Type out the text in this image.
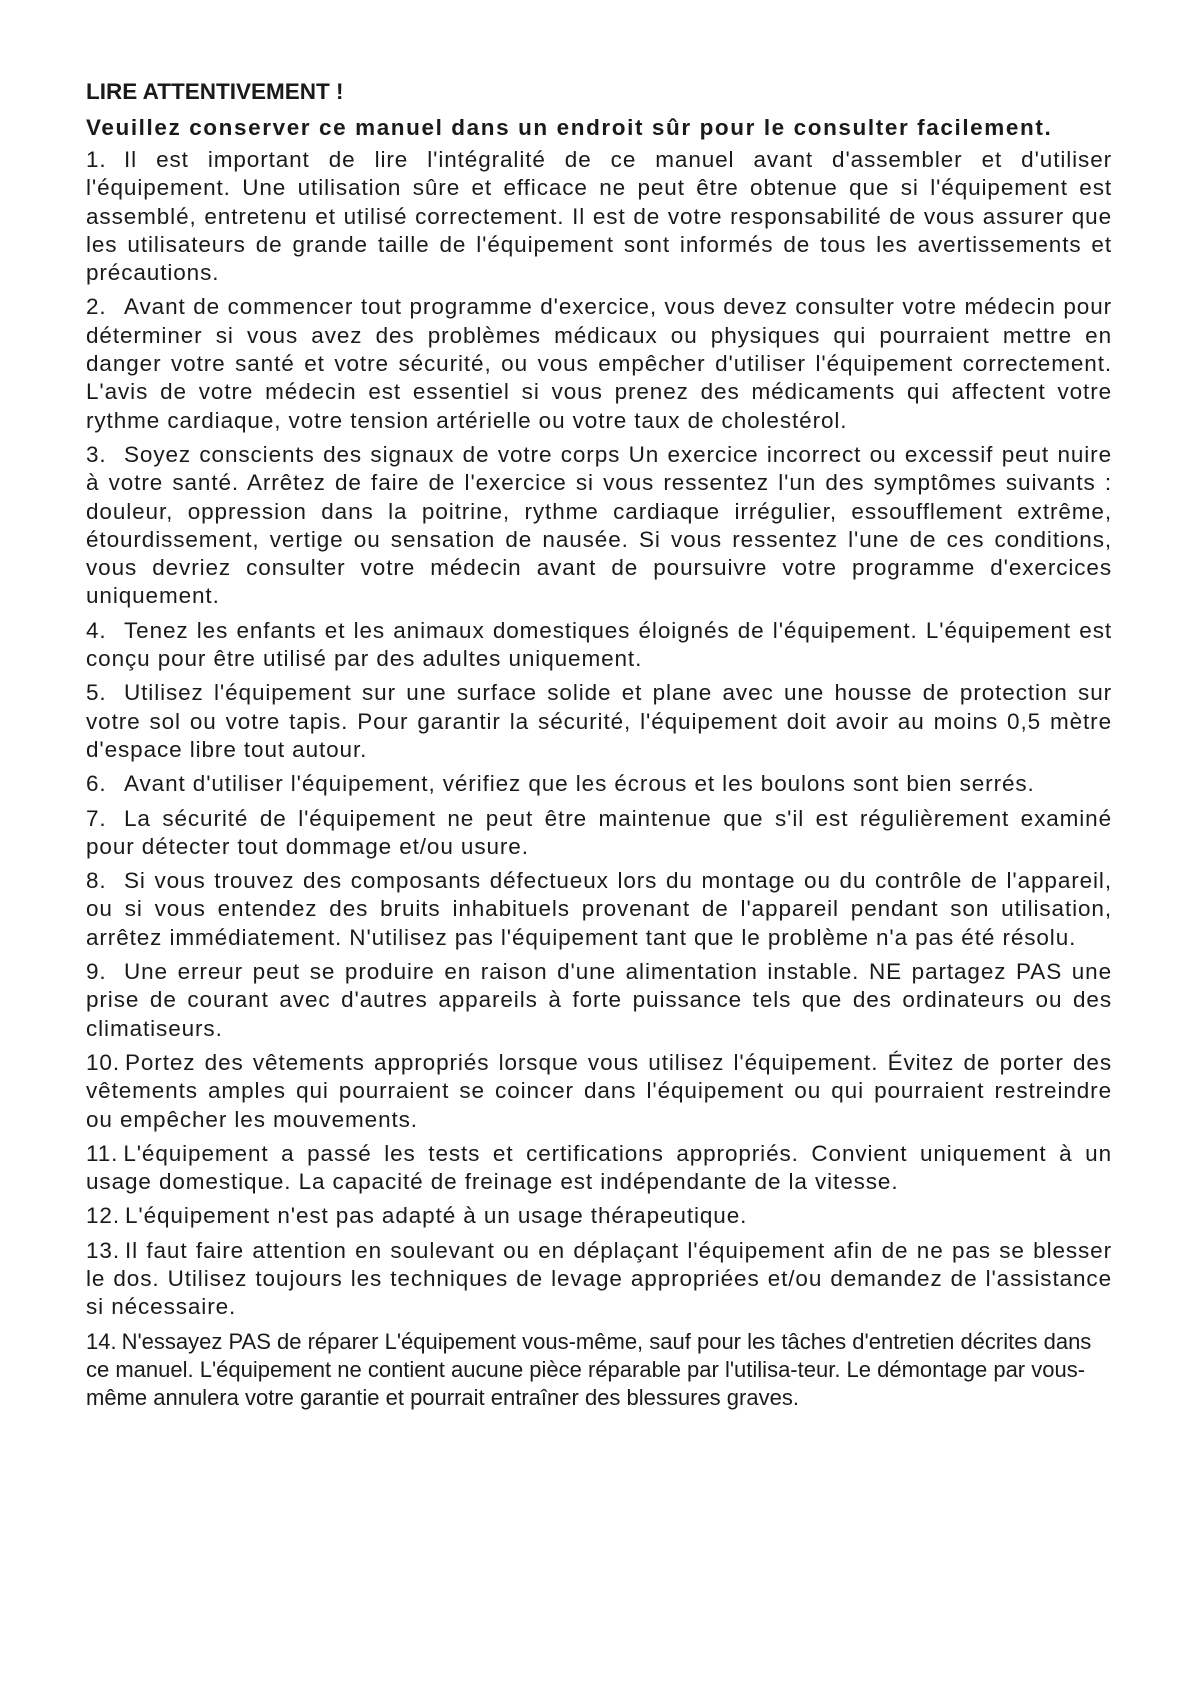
LIRE ATTENTIVEMENT !
Veuillez conserver ce manuel dans un endroit sûr pour le consulter facilement.

1. Il est important de lire l'intégralité de ce manuel avant d'assembler et d'utiliser l'équipement. Une utilisation sûre et efficace ne peut être obtenue que si l'équipement est assemblé, entretenu et utilisé correctement. Il est de votre responsabilité de vous assurer que les utilisateurs de grande taille de l'équipement sont informés de tous les avertissements et précautions.

2. Avant de commencer tout programme d'exercice, vous devez consulter votre médecin pour déterminer si vous avez des problèmes médicaux ou physiques qui pourraient mettre en danger votre santé et votre sécurité, ou vous empêcher d'utiliser l'équipement correctement. L'avis de votre médecin est essentiel si vous prenez des médicaments qui affectent votre rythme cardiaque, votre tension artérielle ou votre taux de cholestérol.

3. Soyez conscients des signaux de votre corps Un exercice incorrect ou excessif peut nuire à votre santé. Arrêtez de faire de l'exercice si vous ressentez l'un des symptômes suivants : douleur, oppression dans la poitrine, rythme cardiaque irrégulier, essoufflement extrême, étourdissement, vertige ou sensation de nausée. Si vous ressentez l'une de ces conditions, vous devriez consulter votre médecin avant de poursuivre votre programme d'exercices uniquement.

4. Tenez les enfants et les animaux domestiques éloignés de l'équipement. L'équipement est conçu pour être utilisé par des adultes uniquement.

5. Utilisez l'équipement sur une surface solide et plane avec une housse de protection sur votre sol ou votre tapis. Pour garantir la sécurité, l'équipement doit avoir au moins 0,5 mètre d'espace libre tout autour.

6. Avant d'utiliser l'équipement, vérifiez que les écrous et les boulons sont bien serrés.

7. La sécurité de l'équipement ne peut être maintenue que s'il est régulièrement examiné pour détecter tout dommage et/ou usure.

8. Si vous trouvez des composants défectueux lors du montage ou du contrôle de l'appareil, ou si vous entendez des bruits inhabituels provenant de l'appareil pendant son utilisation, arrêtez immédiatement. N'utilisez pas l'équipement tant que le problème n'a pas été résolu.

9. Une erreur peut se produire en raison d'une alimentation instable. NE partagez PAS une prise de courant avec d'autres appareils à forte puissance tels que des ordinateurs ou des climatiseurs.

10. Portez des vêtements appropriés lorsque vous utilisez l'équipement. Évitez de porter des vêtements amples qui pourraient se coincer dans l'équipement ou qui pourraient restreindre ou empêcher les mouvements.

11. L'équipement a passé les tests et certifications appropriés. Convient uniquement à un usage domestique. La capacité de freinage est indépendante de la vitesse.

12. L'équipement n'est pas adapté à un usage thérapeutique.

13. Il faut faire attention en soulevant ou en déplaçant l'équipement afin de ne pas se blesser le dos. Utilisez toujours les techniques de levage appropriées et/ou demandez de l'assistance si nécessaire.

14. N'essayez PAS de réparer L'équipement vous-même, sauf pour les tâches d'entretien décrites dans ce manuel. L'équipement ne contient aucune pièce réparable par l'utilisa-teur. Le démontage par vous-même annulera votre garantie et pourrait entraîner des blessures graves.
